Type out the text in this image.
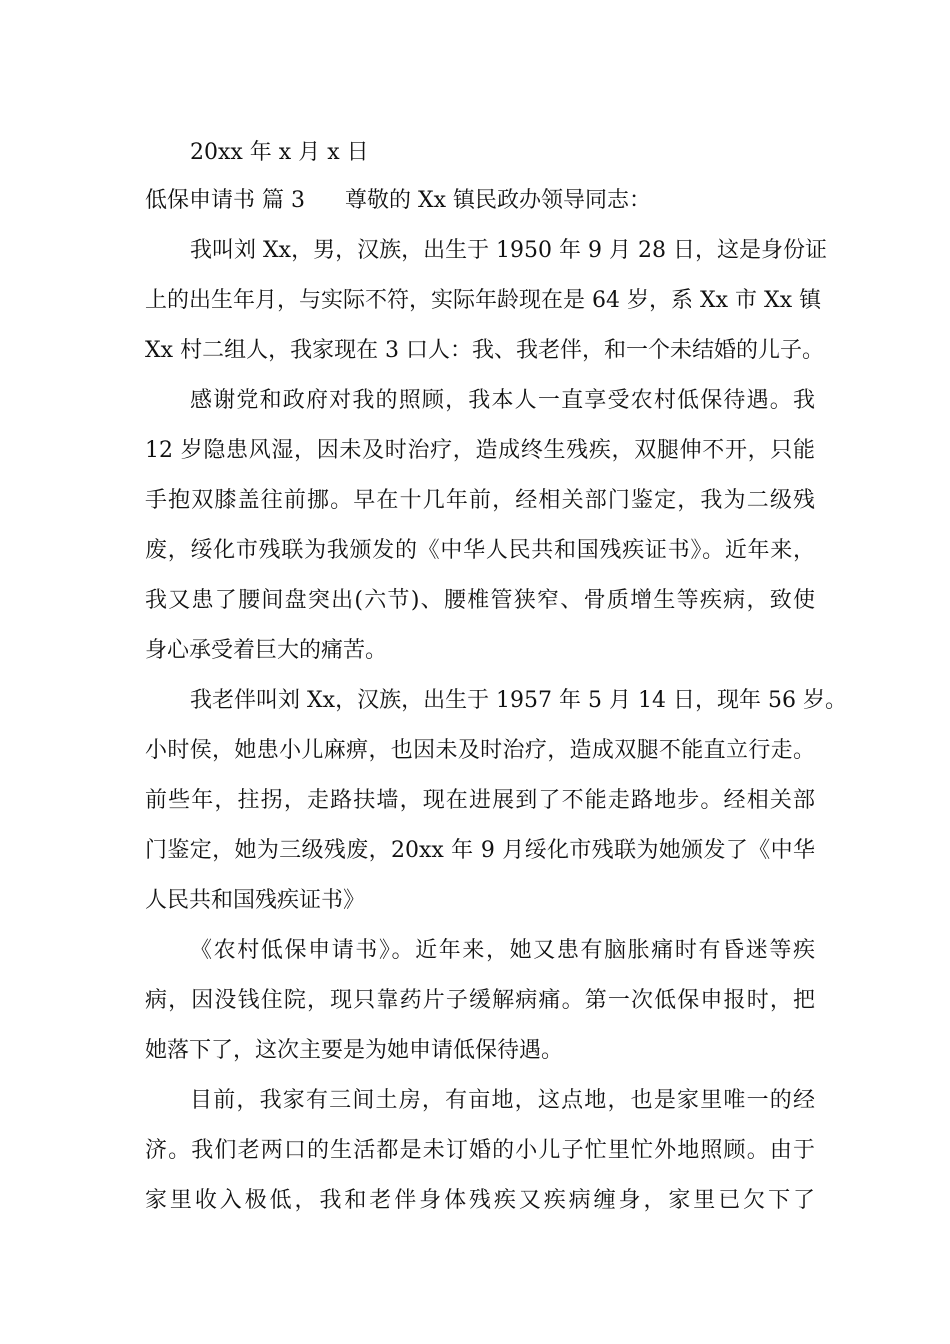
20xx 年 x 月 x 日
低保申请书 篇 3 尊敬的 Xx 镇民政办领导同志：
我叫刘 Xx，男，汉族，出生于 1950 年 9 月 28 日，这是身份证
上的出生年月，与实际不符，实际年龄现在是 64 岁，系 Xx 市 Xx 镇
Xx 村二组人，我家现在 3 口人：我、我老伴，和一个未结婚的儿子。
感谢党和政府对我的照顾，我本人一直享受农村低保待遇。我
12 岁隐患风湿，因未及时治疗，造成终生残疾，双腿伸不开，只能
手抱双膝盖往前挪。早在十几年前，经相关部门鉴定，我为二级残
废，绥化市残联为我颁发的《中华人民共和国残疾证书》。近年来，
我又患了腰间盘突出(六节)、腰椎管狭窄、骨质增生等疾病，致使
身心承受着巨大的痛苦。
我老伴叫刘 Xx，汉族，出生于 1957 年 5 月 14 日，现年 56 岁。
小时侯，她患小儿麻痹，也因未及时治疗，造成双腿不能直立行走。
前些年，拄拐，走路扶墙，现在进展到了不能走路地步。经相关部
门鉴定，她为三级残废，20xx 年 9 月绥化市残联为她颁发了《中华
人民共和国残疾证书》
《农村低保申请书》。近年来，她又患有脑胀痛时有昏迷等疾
病，因没钱住院，现只靠药片子缓解病痛。第一次低保申报时，把
她落下了，这次主要是为她申请低保待遇。
目前，我家有三间土房，有亩地，这点地，也是家里唯一的经
济。我们老两口的生活都是未订婚的小儿子忙里忙外地照顾。由于
家里收入极低，我和老伴身体残疾又疾病缠身，家里已欠下了
